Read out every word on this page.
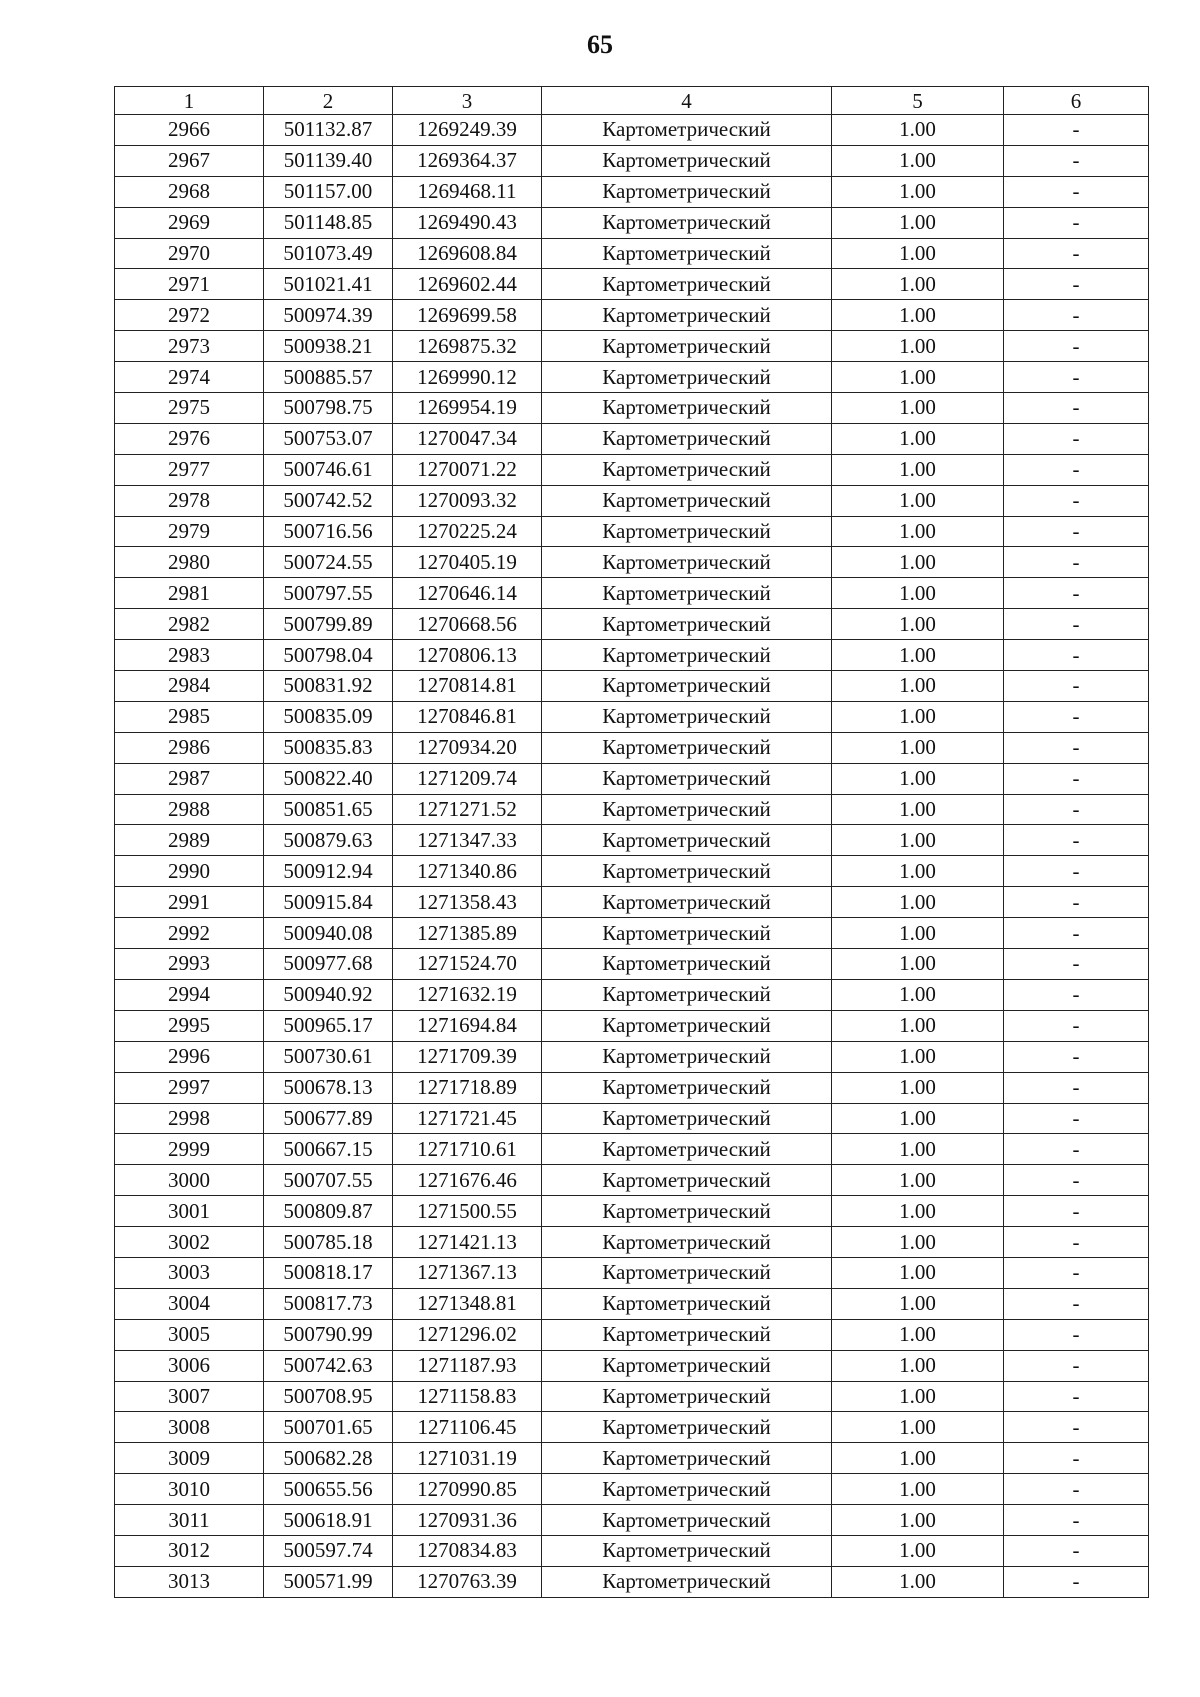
65
1	2	3	4	5	6
2966	501132.87	1269249.39	Картометрический	1.00	-
2967	501139.40	1269364.37	Картометрический	1.00	-
2968	501157.00	1269468.11	Картометрический	1.00	-
2969	501148.85	1269490.43	Картометрический	1.00	-
2970	501073.49	1269608.84	Картометрический	1.00	-
2971	501021.41	1269602.44	Картометрический	1.00	-
2972	500974.39	1269699.58	Картометрический	1.00	-
2973	500938.21	1269875.32	Картометрический	1.00	-
2974	500885.57	1269990.12	Картометрический	1.00	-
2975	500798.75	1269954.19	Картометрический	1.00	-
2976	500753.07	1270047.34	Картометрический	1.00	-
2977	500746.61	1270071.22	Картометрический	1.00	-
2978	500742.52	1270093.32	Картометрический	1.00	-
2979	500716.56	1270225.24	Картометрический	1.00	-
2980	500724.55	1270405.19	Картометрический	1.00	-
2981	500797.55	1270646.14	Картометрический	1.00	-
2982	500799.89	1270668.56	Картометрический	1.00	-
2983	500798.04	1270806.13	Картометрический	1.00	-
2984	500831.92	1270814.81	Картометрический	1.00	-
2985	500835.09	1270846.81	Картометрический	1.00	-
2986	500835.83	1270934.20	Картометрический	1.00	-
2987	500822.40	1271209.74	Картометрический	1.00	-
2988	500851.65	1271271.52	Картометрический	1.00	-
2989	500879.63	1271347.33	Картометрический	1.00	-
2990	500912.94	1271340.86	Картометрический	1.00	-
2991	500915.84	1271358.43	Картометрический	1.00	-
2992	500940.08	1271385.89	Картометрический	1.00	-
2993	500977.68	1271524.70	Картометрический	1.00	-
2994	500940.92	1271632.19	Картометрический	1.00	-
2995	500965.17	1271694.84	Картометрический	1.00	-
2996	500730.61	1271709.39	Картометрический	1.00	-
2997	500678.13	1271718.89	Картометрический	1.00	-
2998	500677.89	1271721.45	Картометрический	1.00	-
2999	500667.15	1271710.61	Картометрический	1.00	-
3000	500707.55	1271676.46	Картометрический	1.00	-
3001	500809.87	1271500.55	Картометрический	1.00	-
3002	500785.18	1271421.13	Картометрический	1.00	-
3003	500818.17	1271367.13	Картометрический	1.00	-
3004	500817.73	1271348.81	Картометрический	1.00	-
3005	500790.99	1271296.02	Картометрический	1.00	-
3006	500742.63	1271187.93	Картометрический	1.00	-
3007	500708.95	1271158.83	Картометрический	1.00	-
3008	500701.65	1271106.45	Картометрический	1.00	-
3009	500682.28	1271031.19	Картометрический	1.00	-
3010	500655.56	1270990.85	Картометрический	1.00	-
3011	500618.91	1270931.36	Картометрический	1.00	-
3012	500597.74	1270834.83	Картометрический	1.00	-
3013	500571.99	1270763.39	Картометрический	1.00	-
